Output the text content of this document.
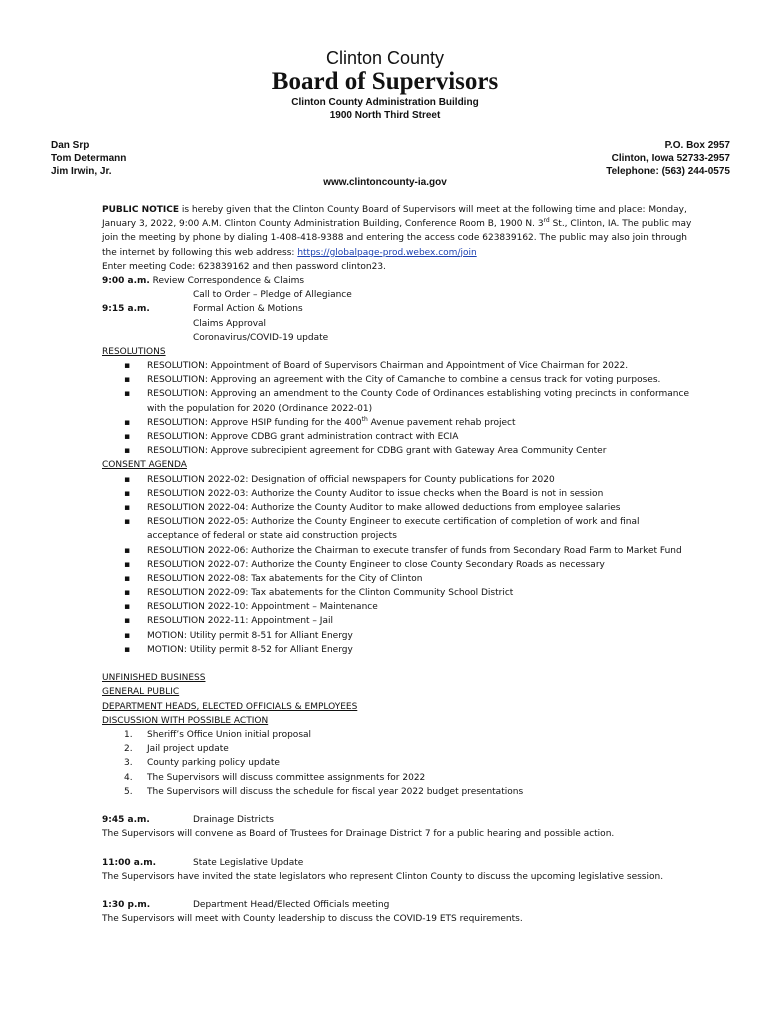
Clinton County
Board of Supervisors
Clinton County Administration Building
1900 North Third Street
Dan Srp
Tom Determann
Jim Irwin, Jr.
P.O. Box 2957
Clinton, Iowa 52733-2957
Telephone: (563) 244-0575
www.clintoncounty-ia.gov
PUBLIC NOTICE is hereby given that the Clinton County Board of Supervisors will meet at the following time and place: Monday,
January 3, 2022, 9:00 A.M. Clinton County Administration Building, Conference Room B, 1900 N. 3rd St., Clinton, IA. The public may
join the meeting by phone by dialing 1-408-418-9388 and entering the access code 623839162. The public may also join through
the internet by following this web address: https://globalpage-prod.webex.com/join
Enter meeting Code: 623839162 and then password clinton23.
9:00 a.m. Review Correspondence & Claims
Call to Order – Pledge of Allegiance
9:15 a.m.	Formal Action & Motions
Claims Approval
Coronavirus/COVID-19 update
RESOLUTIONS
▪ RESOLUTION: Appointment of Board of Supervisors Chairman and Appointment of Vice Chairman for 2022.
▪ RESOLUTION: Approving an agreement with the City of Camanche to combine a census track for voting purposes.
▪ RESOLUTION: Approving an amendment to the County Code of Ordinances establishing voting precincts in conformance
with the population for 2020 (Ordinance 2022-01)
▪ RESOLUTION: Approve HSIP funding for the 400th Avenue pavement rehab project
▪ RESOLUTION: Approve CDBG grant administration contract with ECIA
▪ RESOLUTION: Approve subrecipient agreement for CDBG grant with Gateway Area Community Center
CONSENT AGENDA
▪ RESOLUTION 2022-02: Designation of official newspapers for County publications for 2020
▪ RESOLUTION 2022-03: Authorize the County Auditor to issue checks when the Board is not in session
▪ RESOLUTION 2022-04: Authorize the County Auditor to make allowed deductions from employee salaries
▪ RESOLUTION 2022-05: Authorize the County Engineer to execute certification of completion of work and final
acceptance of federal or state aid construction projects
▪ RESOLUTION 2022-06: Authorize the Chairman to execute transfer of funds from Secondary Road Farm to Market Fund
▪ RESOLUTION 2022-07: Authorize the County Engineer to close County Secondary Roads as necessary
▪ RESOLUTION 2022-08: Tax abatements for the City of Clinton
▪ RESOLUTION 2022-09: Tax abatements for the Clinton Community School District
▪ RESOLUTION 2022-10: Appointment – Maintenance
▪ RESOLUTION 2022-11: Appointment – Jail
▪ MOTION: Utility permit 8-51 for Alliant Energy
▪ MOTION: Utility permit 8-52 for Alliant Energy
UNFINISHED BUSINESS
GENERAL PUBLIC
DEPARTMENT HEADS, ELECTED OFFICIALS & EMPLOYEES
DISCUSSION WITH POSSIBLE ACTION
1. Sheriff’s Office Union initial proposal
2. Jail project update
3. County parking policy update
4. The Supervisors will discuss committee assignments for 2022
5. The Supervisors will discuss the schedule for fiscal year 2022 budget presentations
9:45 a.m.	Drainage Districts
The Supervisors will convene as Board of Trustees for Drainage District 7 for a public hearing and possible action.
11:00 a.m.	State Legislative Update
The Supervisors have invited the state legislators who represent Clinton County to discuss the upcoming legislative session.
1:30 p.m.	Department Head/Elected Officials meeting
The Supervisors will meet with County leadership to discuss the COVID-19 ETS requirements.
